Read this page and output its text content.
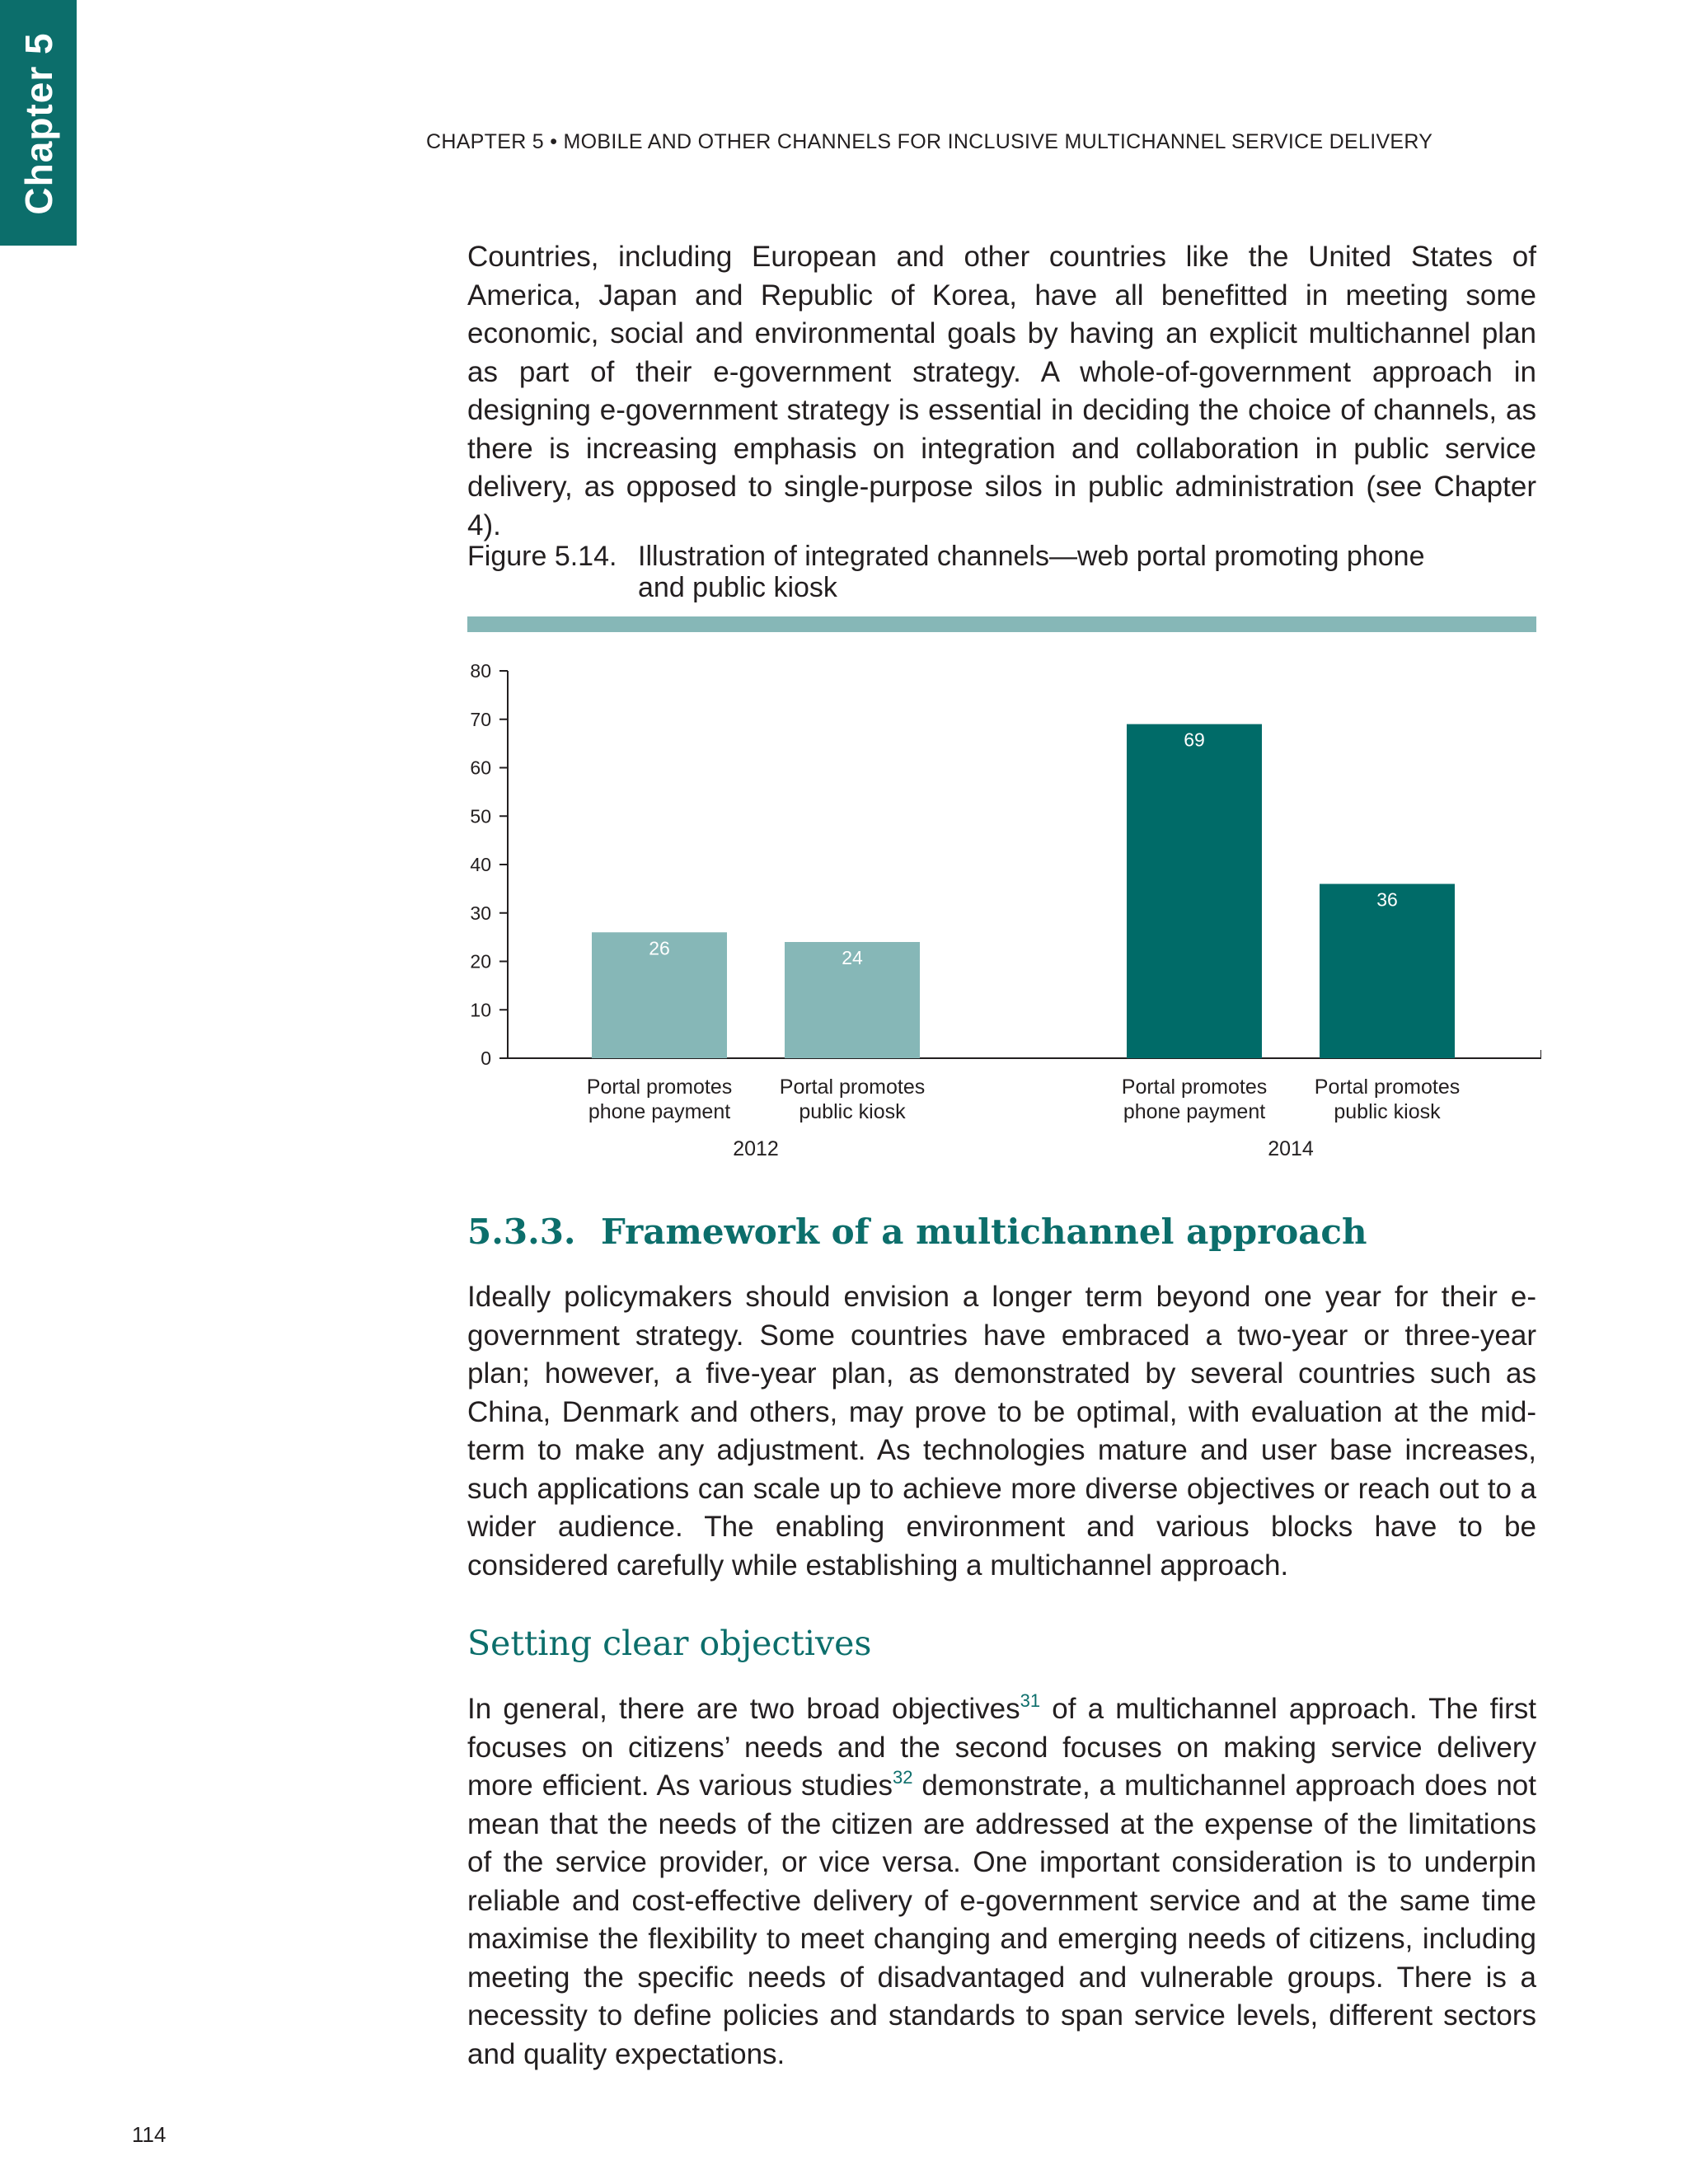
Chapter 5	CHAPTER 5 • MOBILE AND OTHER CHANNELS FOR INCLUSIVE MULTICHANNEL SERVICE DELIVERY

Countries, including European and other countries like the United States of America, Japan and Republic of Korea, have all benefitted in meeting some economic, social and environmental goals by having an explicit multichannel plan as part of their e-government strategy. A whole-of-government approach in designing e-government strategy is essential in deciding the choice of channels, as there is increasing emphasis on integration and collaboration in public service delivery, as opposed to single-purpose silos in public administration (see Chapter 4).

Figure 5.14. Illustration of integrated channels—web portal promoting phone and public kiosk
0
10
20
30
40
50
60
70
80
26
Portal promotes
phone payment
24
Portal promotes
public kiosk
2012
69
Portal promotes
phone payment
36
Portal promotes
public kiosk
2014
5.3.3. Framework of a multichannel approach

Ideally policymakers should envision a longer term beyond one year for their e-government strategy. Some countries have embraced a two-year or three-year plan; however, a five-year plan, as demonstrated by several countries such as China, Denmark and others, may prove to be optimal, with evaluation at the mid-term to make any adjustment. As technologies mature and user base increases, such applications can scale up to achieve more diverse objectives or reach out to a wider audience. The enabling environment and various blocks have to be considered carefully while establishing a multichannel approach.

Setting clear objectives

In general, there are two broad objectives$^{31}$ of a multichannel approach. The first focuses on citizens’ needs and the second focuses on making service delivery more efficient. As various studies$^{32}$ demonstrate, a multichannel approach does not mean that the needs of the citizen are addressed at the expense of the limitations of the service provider, or vice versa. One important consideration is to underpin reliable and cost-effective delivery of e-government service and at the same time maximise the flexibility to meet changing and emerging needs of citizens, including meeting the specific needs of disadvantaged and vulnerable groups. There is a necessity to define policies and standards to span service levels, different sectors and quality expectations.

114
